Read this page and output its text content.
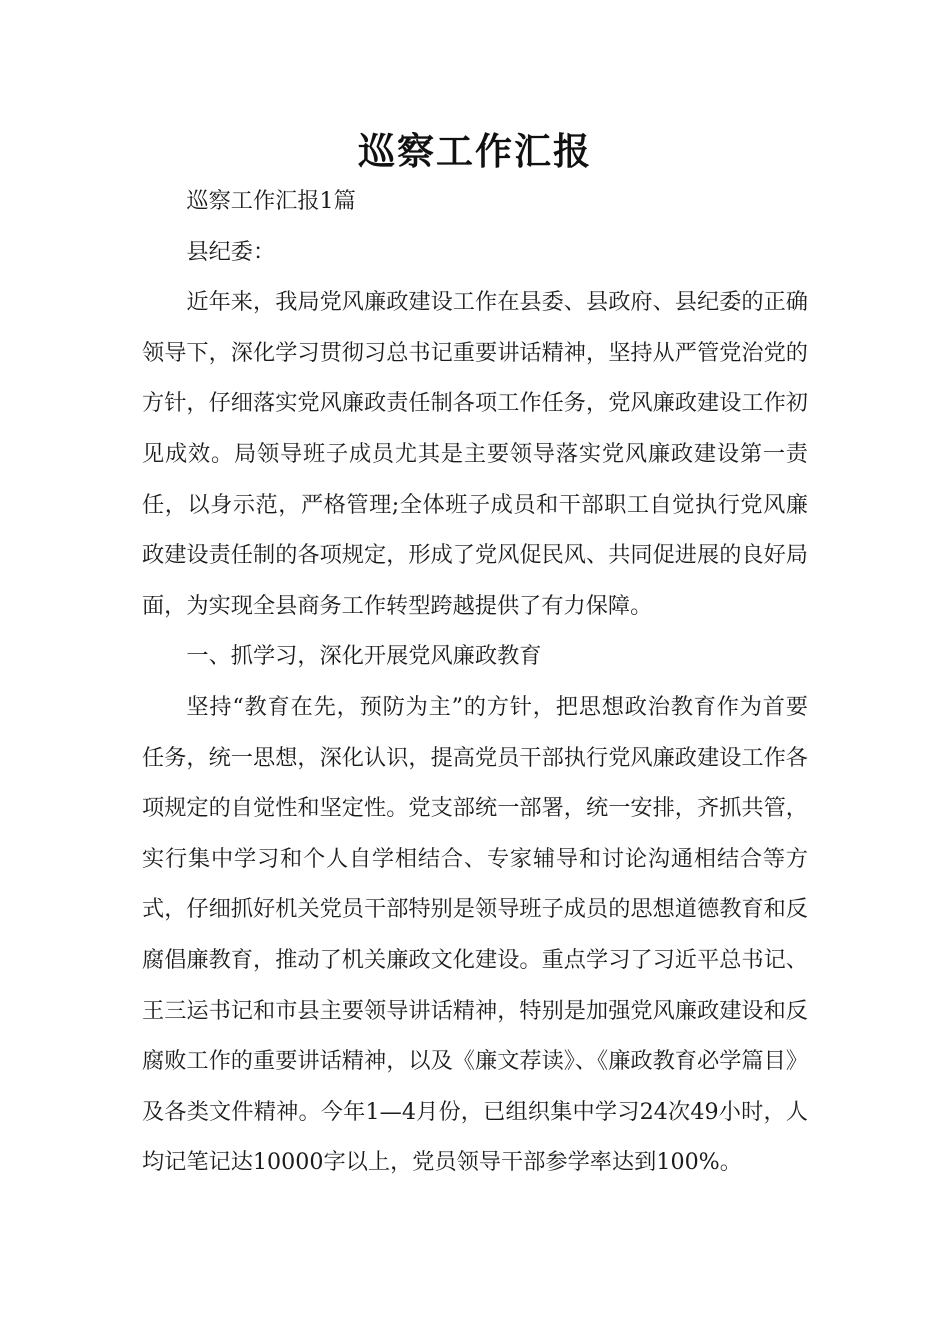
巡察工作汇报

巡察工作汇报1篇

县纪委：

近年来，我局党风廉政建设工作在县委、县政府、县纪委的正确领导下，深化学习贯彻习总书记重要讲话精神，坚持从严管党治党的方针，仔细落实党风廉政责任制各项工作任务，党风廉政建设工作初见成效。局领导班子成员尤其是主要领导落实党风廉政建设第一责任，以身示范，严格管理;全体班子成员和干部职工自觉执行党风廉政建设责任制的各项规定，形成了党风促民风、共同促进展的良好局面，为实现全县商务工作转型跨越提供了有力保障。

一、抓学习，深化开展党风廉政教育

坚持“教育在先，预防为主”的方针，把思想政治教育作为首要任务，统一思想，深化认识，提高党员干部执行党风廉政建设工作各项规定的自觉性和坚定性。党支部统一部署，统一安排，齐抓共管，实行集中学习和个人自学相结合、专家辅导和讨论沟通相结合等方式，仔细抓好机关党员干部特别是领导班子成员的思想道德教育和反腐倡廉教育，推动了机关廉政文化建设。重点学习了习近平总书记、王三运书记和市县主要领导讲话精神，特别是加强党风廉政建设和反腐败工作的重要讲话精神，以及《廉文荐读》、《廉政教育必学篇目》及各类文件精神。今年1—4月份，已组织集中学习24次49小时，人均记笔记达10000字以上，党员领导干部参学率达到100%。
